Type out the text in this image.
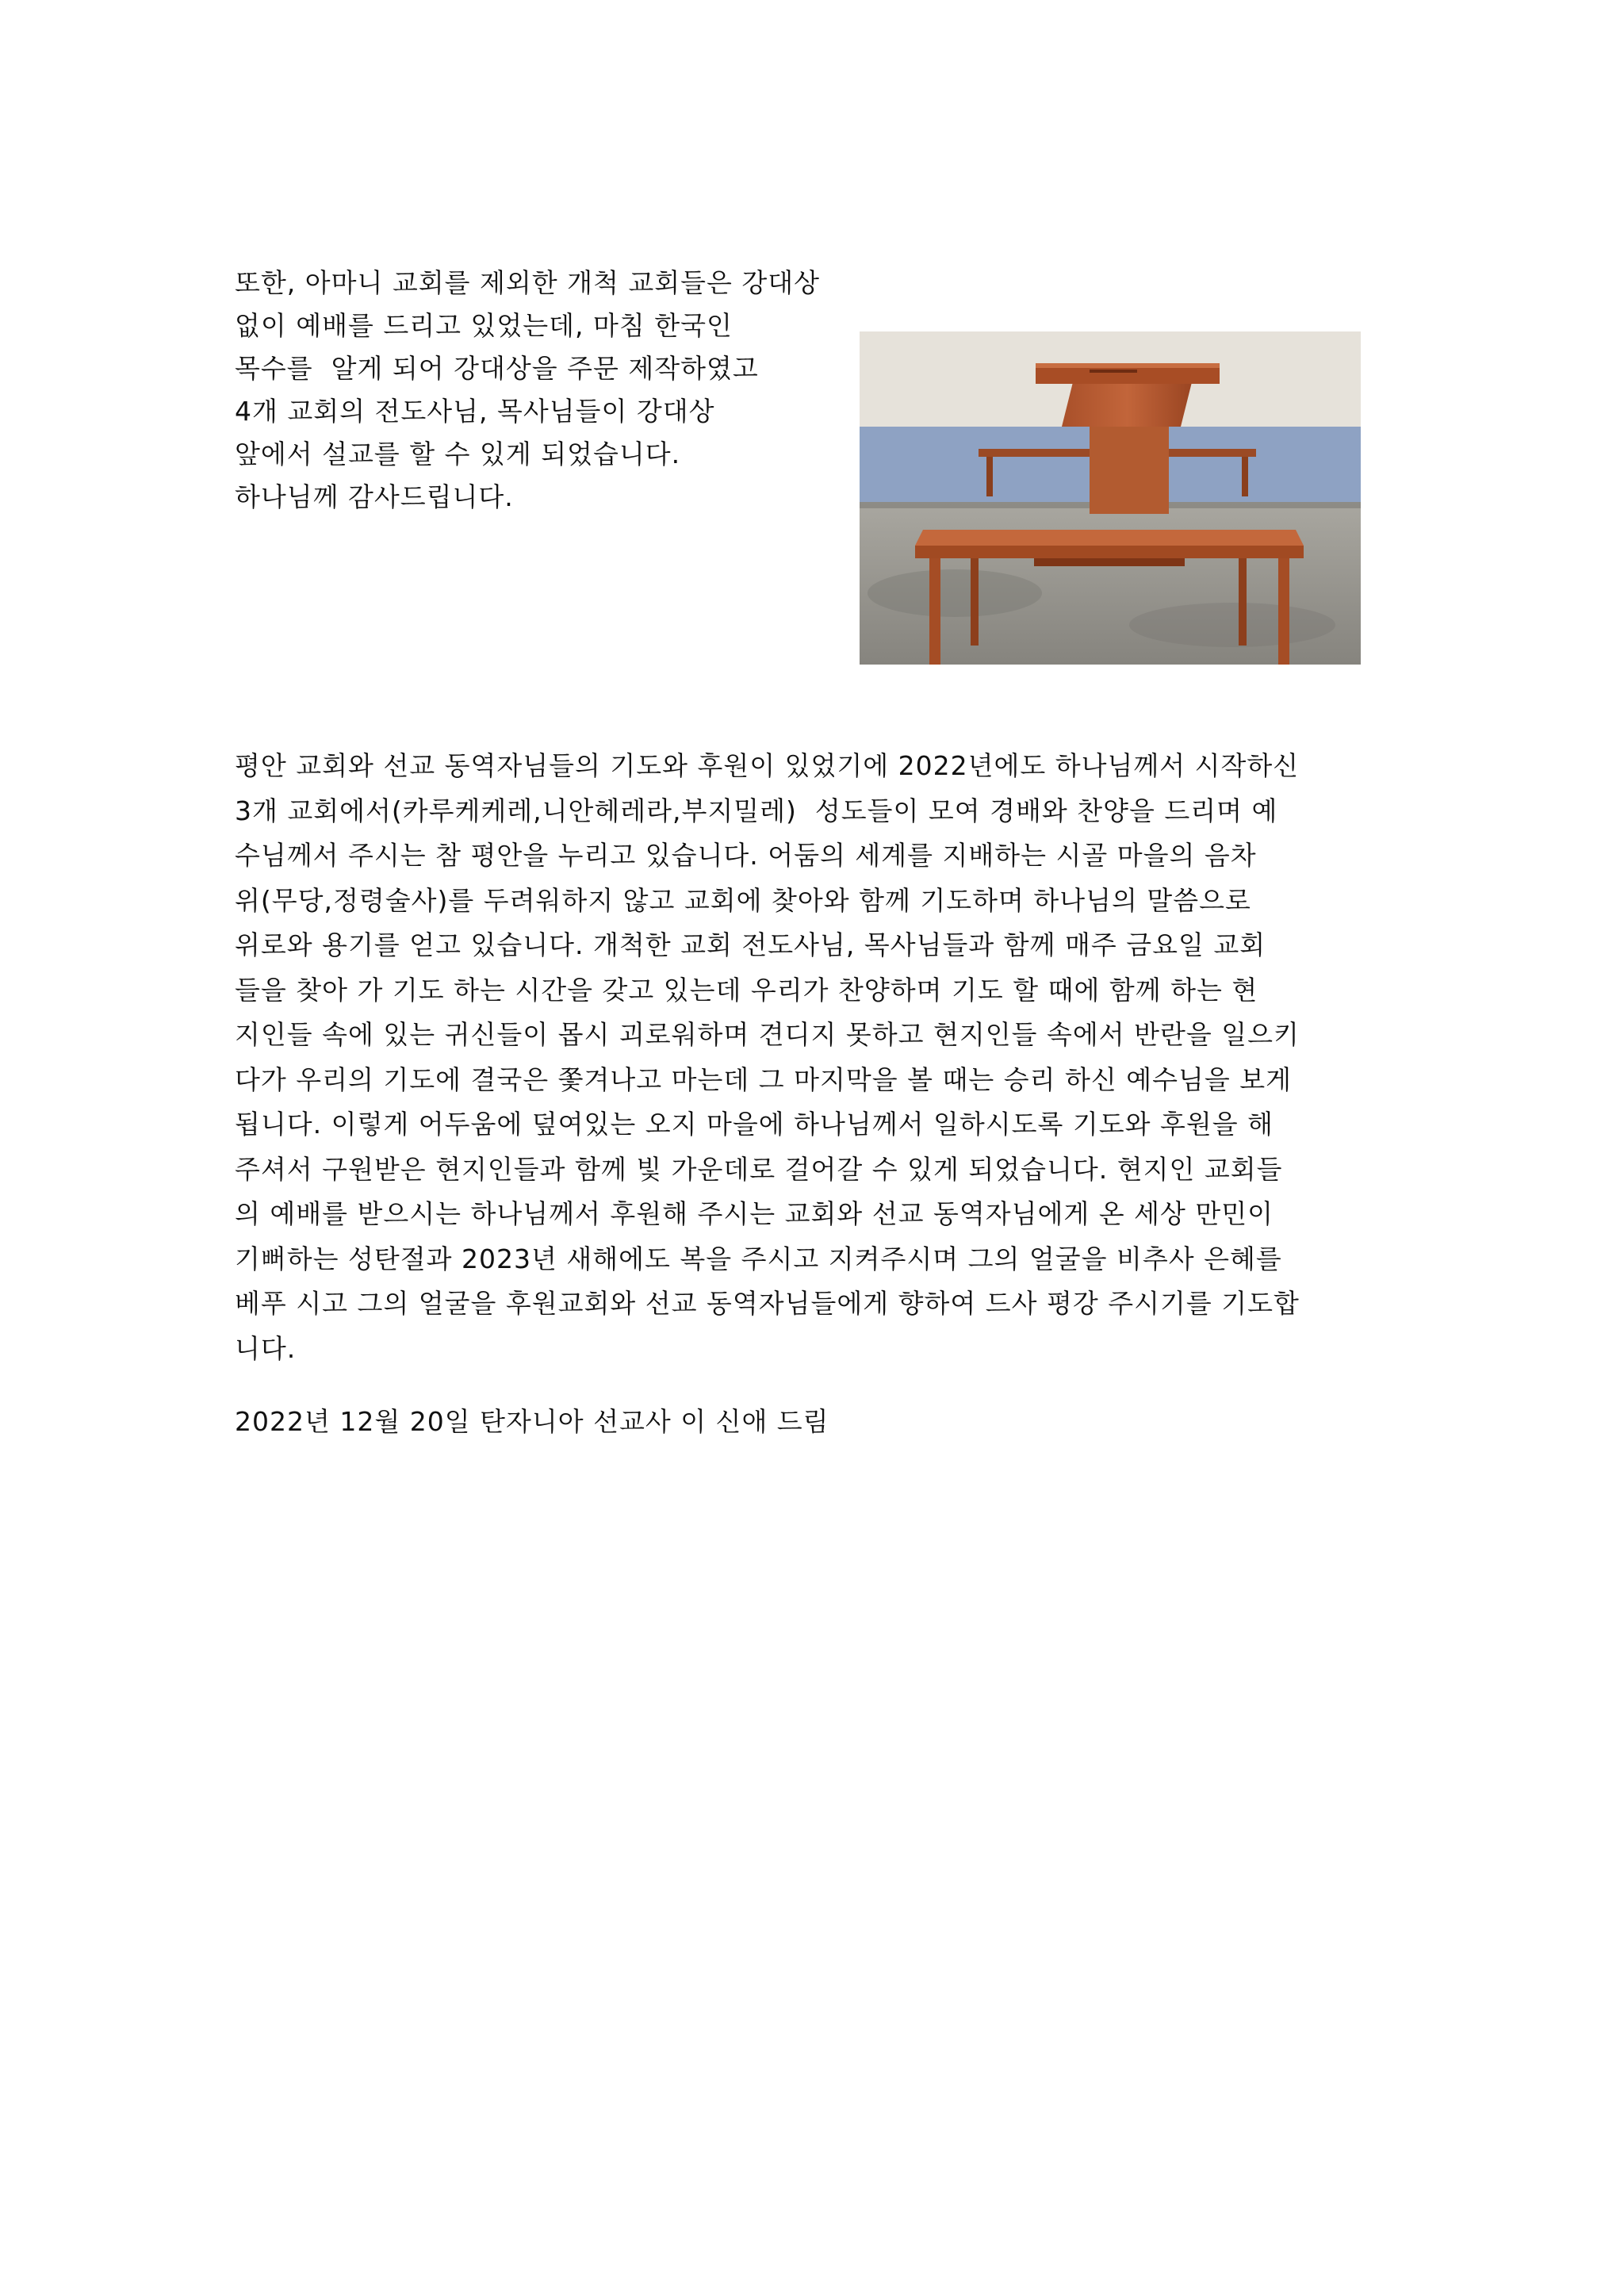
또한, 아마니 교회를 제외한 개척 교회들은 강대상
없이 예배를 드리고 있었는데, 마침 한국인
목수를  알게 되어 강대상을 주문 제작하였고
4개 교회의 전도사님, 목사님들이 강대상
앞에서 설교를 할 수 있게 되었습니다.
하나님께 감사드립니다.
평안 교회와 선교 동역자님들의 기도와 후원이 있었기에 2022년에도 하나님께서 시작하신
3개 교회에서(카루케케레,니안헤레라,부지밀레)  성도들이 모여 경배와 찬양을 드리며 예
수님께서 주시는 참 평안을 누리고 있습니다. 어둠의 세계를 지배하는 시골 마을의 음차
위(무당,정령술사)를 두려워하지 않고 교회에 찾아와 함께 기도하며 하나님의 말씀으로
위로와 용기를 얻고 있습니다. 개척한 교회 전도사님, 목사님들과 함께 매주 금요일 교회
들을 찾아 가 기도 하는 시간을 갖고 있는데 우리가 찬양하며 기도 할 때에 함께 하는 현
지인들 속에 있는 귀신들이 몹시 괴로워하며 견디지 못하고 현지인들 속에서 반란을 일으키
다가 우리의 기도에 결국은 쫓겨나고 마는데 그 마지막을 볼 때는 승리 하신 예수님을 보게
됩니다. 이렇게 어두움에 덮여있는 오지 마을에 하나님께서 일하시도록 기도와 후원을 해
주셔서 구원받은 현지인들과 함께 빛 가운데로 걸어갈 수 있게 되었습니다. 현지인 교회들
의 예배를 받으시는 하나님께서 후원해 주시는 교회와 선교 동역자님에게 온 세상 만민이
기뻐하는 성탄절과 2023년 새해에도 복을 주시고 지켜주시며 그의 얼굴을 비추사 은혜를
베푸 시고 그의 얼굴을 후원교회와 선교 동역자님들에게 향하여 드사 평강 주시기를 기도합
니다.
2022년 12월 20일 탄자니아 선교사 이 신애 드림
